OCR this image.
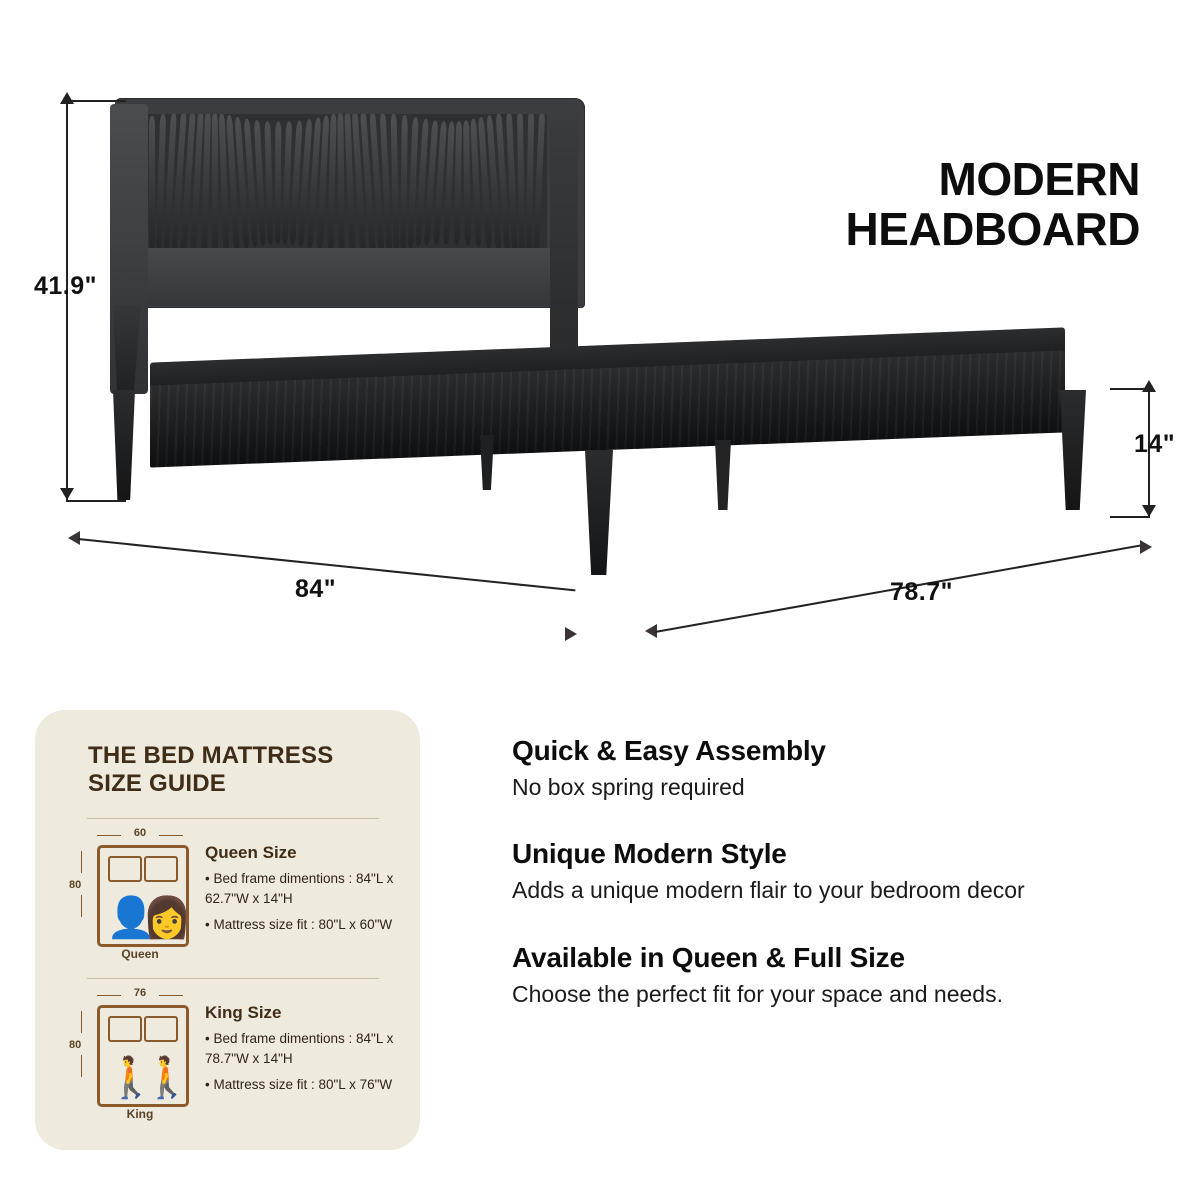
41.9"
14"
84"	78.7"
MODERN
HEADBOARD
THE BED MATTRESS
SIZE GUIDE
60
80
👤
👩
Queen
Queen Size
• Bed frame dimentions : 84"L x 62.7"W x 14"H
• Mattress size fit : 80"L x 60"W
76
80
🚶
🚶
King
King Size
• Bed frame dimentions : 84"L x 78.7"W x 14"H
• Mattress size fit : 80"L x 76"W
Quick & Easy Assembly
No box spring required
Unique Modern Style
Adds a unique modern flair to your bedroom decor
Available in Queen & Full Size
Choose the perfect fit for your space and needs.
